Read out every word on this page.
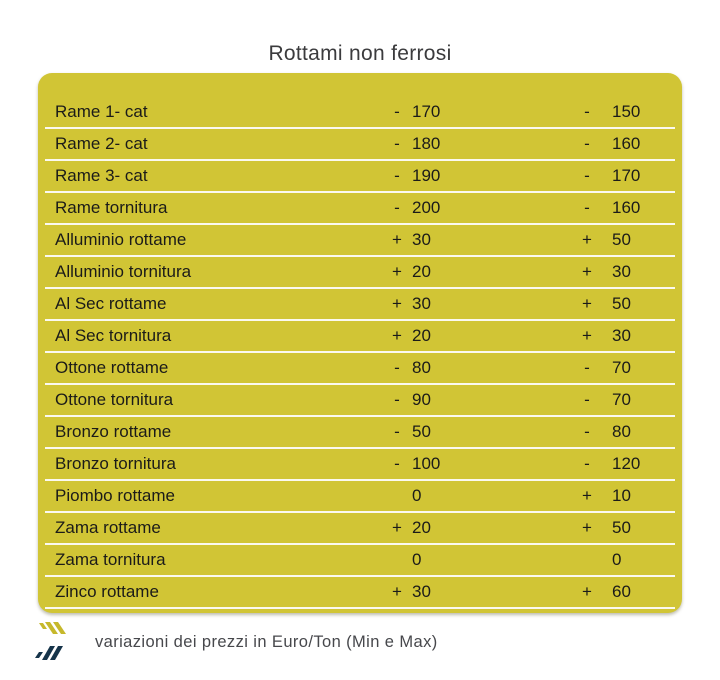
Rottami non ferrosi
Rame 1- cat	- 170	-	150
Rame 2- cat	- 180	-	160
Rame 3- cat	- 190	-	170
Rame tornitura	- 200	-	160
Alluminio rottame	+ 30	+	50
Alluminio tornitura	+ 20	+	30
Al Sec rottame	+ 30	+	50
Al Sec tornitura	+ 20	+	30
Ottone rottame	- 80	-	70
Ottone tornitura	- 90	-	70
Bronzo rottame	- 50	-	80
Bronzo tornitura	- 100	-	120
Piombo rottame	0	+	10
Zama rottame	+ 20	+	50
Zama tornitura	0	0
Zinco rottame	+ 30	+	60
variazioni dei prezzi in Euro/Ton (Min e Max)
